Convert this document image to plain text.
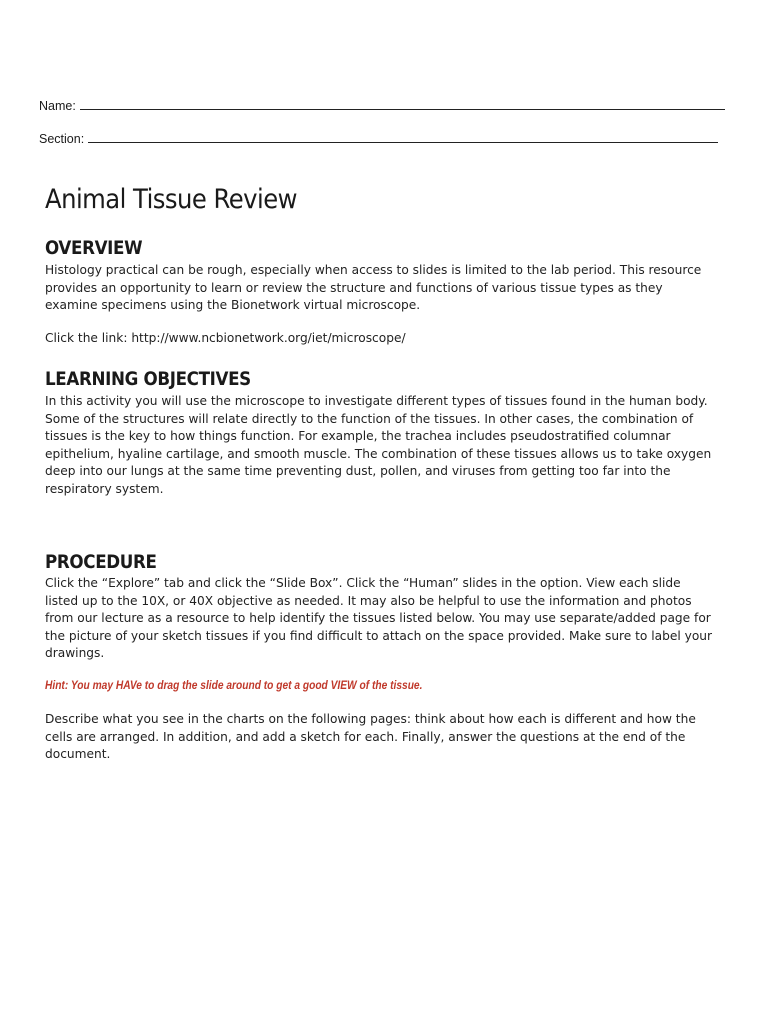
Name:
Section:
Animal Tissue Review
OVERVIEW

Histology practical can be rough, especially when access to slides is limited to the lab period. This resource provides an opportunity to learn or review the structure and functions of various tissue types as they examine specimens using the Bionetwork virtual microscope.

Click the link: http://www.ncbionetwork.org/iet/microscope/

LEARNING OBJECTIVES

In this activity you will use the microscope to investigate different types of tissues found in the human body. Some of the structures will relate directly to the function of the tissues. In other cases, the combination of tissues is the key to how things function. For example, the trachea includes pseudostratified columnar epithelium, hyaline cartilage, and smooth muscle. The combination of these tissues allows us to take oxygen deep into our lungs at the same time preventing dust, pollen, and viruses from getting too far into the respiratory system.

PROCEDURE

Click the “Explore” tab and click the “Slide Box”. Click the “Human” slides in the option. View each slide listed up to the 10X, or 40X objective as needed. It may also be helpful to use the information and photos from our lecture as a resource to help identify the tissues listed below. You may use separate/added page for the picture of your sketch tissues if you find difficult to attach on the space provided. Make sure to label your drawings.

Hint: You may HAVe to drag the slide around to get a good VIEW of the tissue.

Describe what you see in the charts on the following pages: think about how each is different and how the cells are arranged. In addition, and add a sketch for each. Finally, answer the questions at the end of the document.
